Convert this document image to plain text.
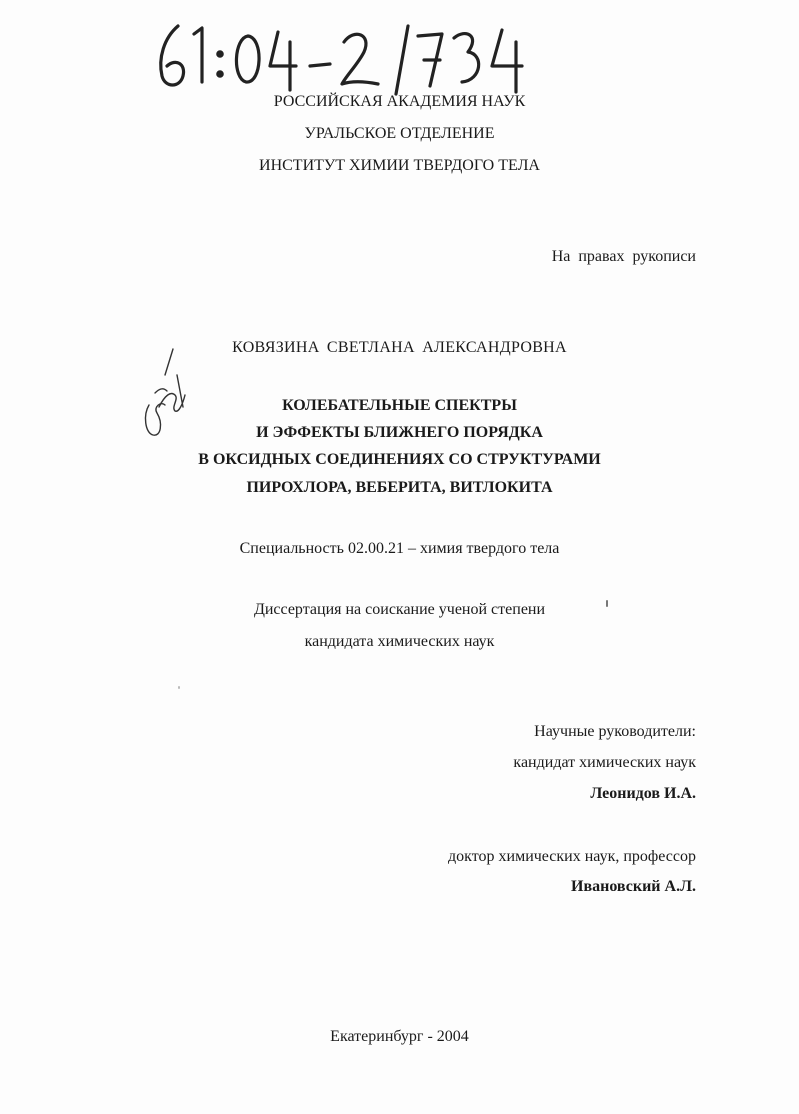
РОССИЙСКАЯ АКАДЕМИЯ НАУК
УРАЛЬСКОЕ ОТДЕЛЕНИЕ
ИНСТИТУТ ХИМИИ ТВЕРДОГО ТЕЛА
На правах рукописи
КОВЯЗИНА СВЕТЛАНА АЛЕКСАНДРОВНА
КОЛЕБАТЕЛЬНЫЕ СПЕКТРЫ
И ЭФФЕКТЫ БЛИЖНЕГО ПОРЯДКА
В ОКСИДНЫХ СОЕДИНЕНИЯХ СО СТРУКТУРАМИ
ПИРОХЛОРА, ВЕБЕРИТА, ВИТЛОКИТА
Специальность 02.00.21 – химия твердого тела
Диссертация на соискание ученой степени
кандидата химических наук
Научные руководители:
кандидат химических наук
Леонидов И.А.
доктор химических наук, профессор
Ивановский А.Л.
Екатеринбург - 2004
